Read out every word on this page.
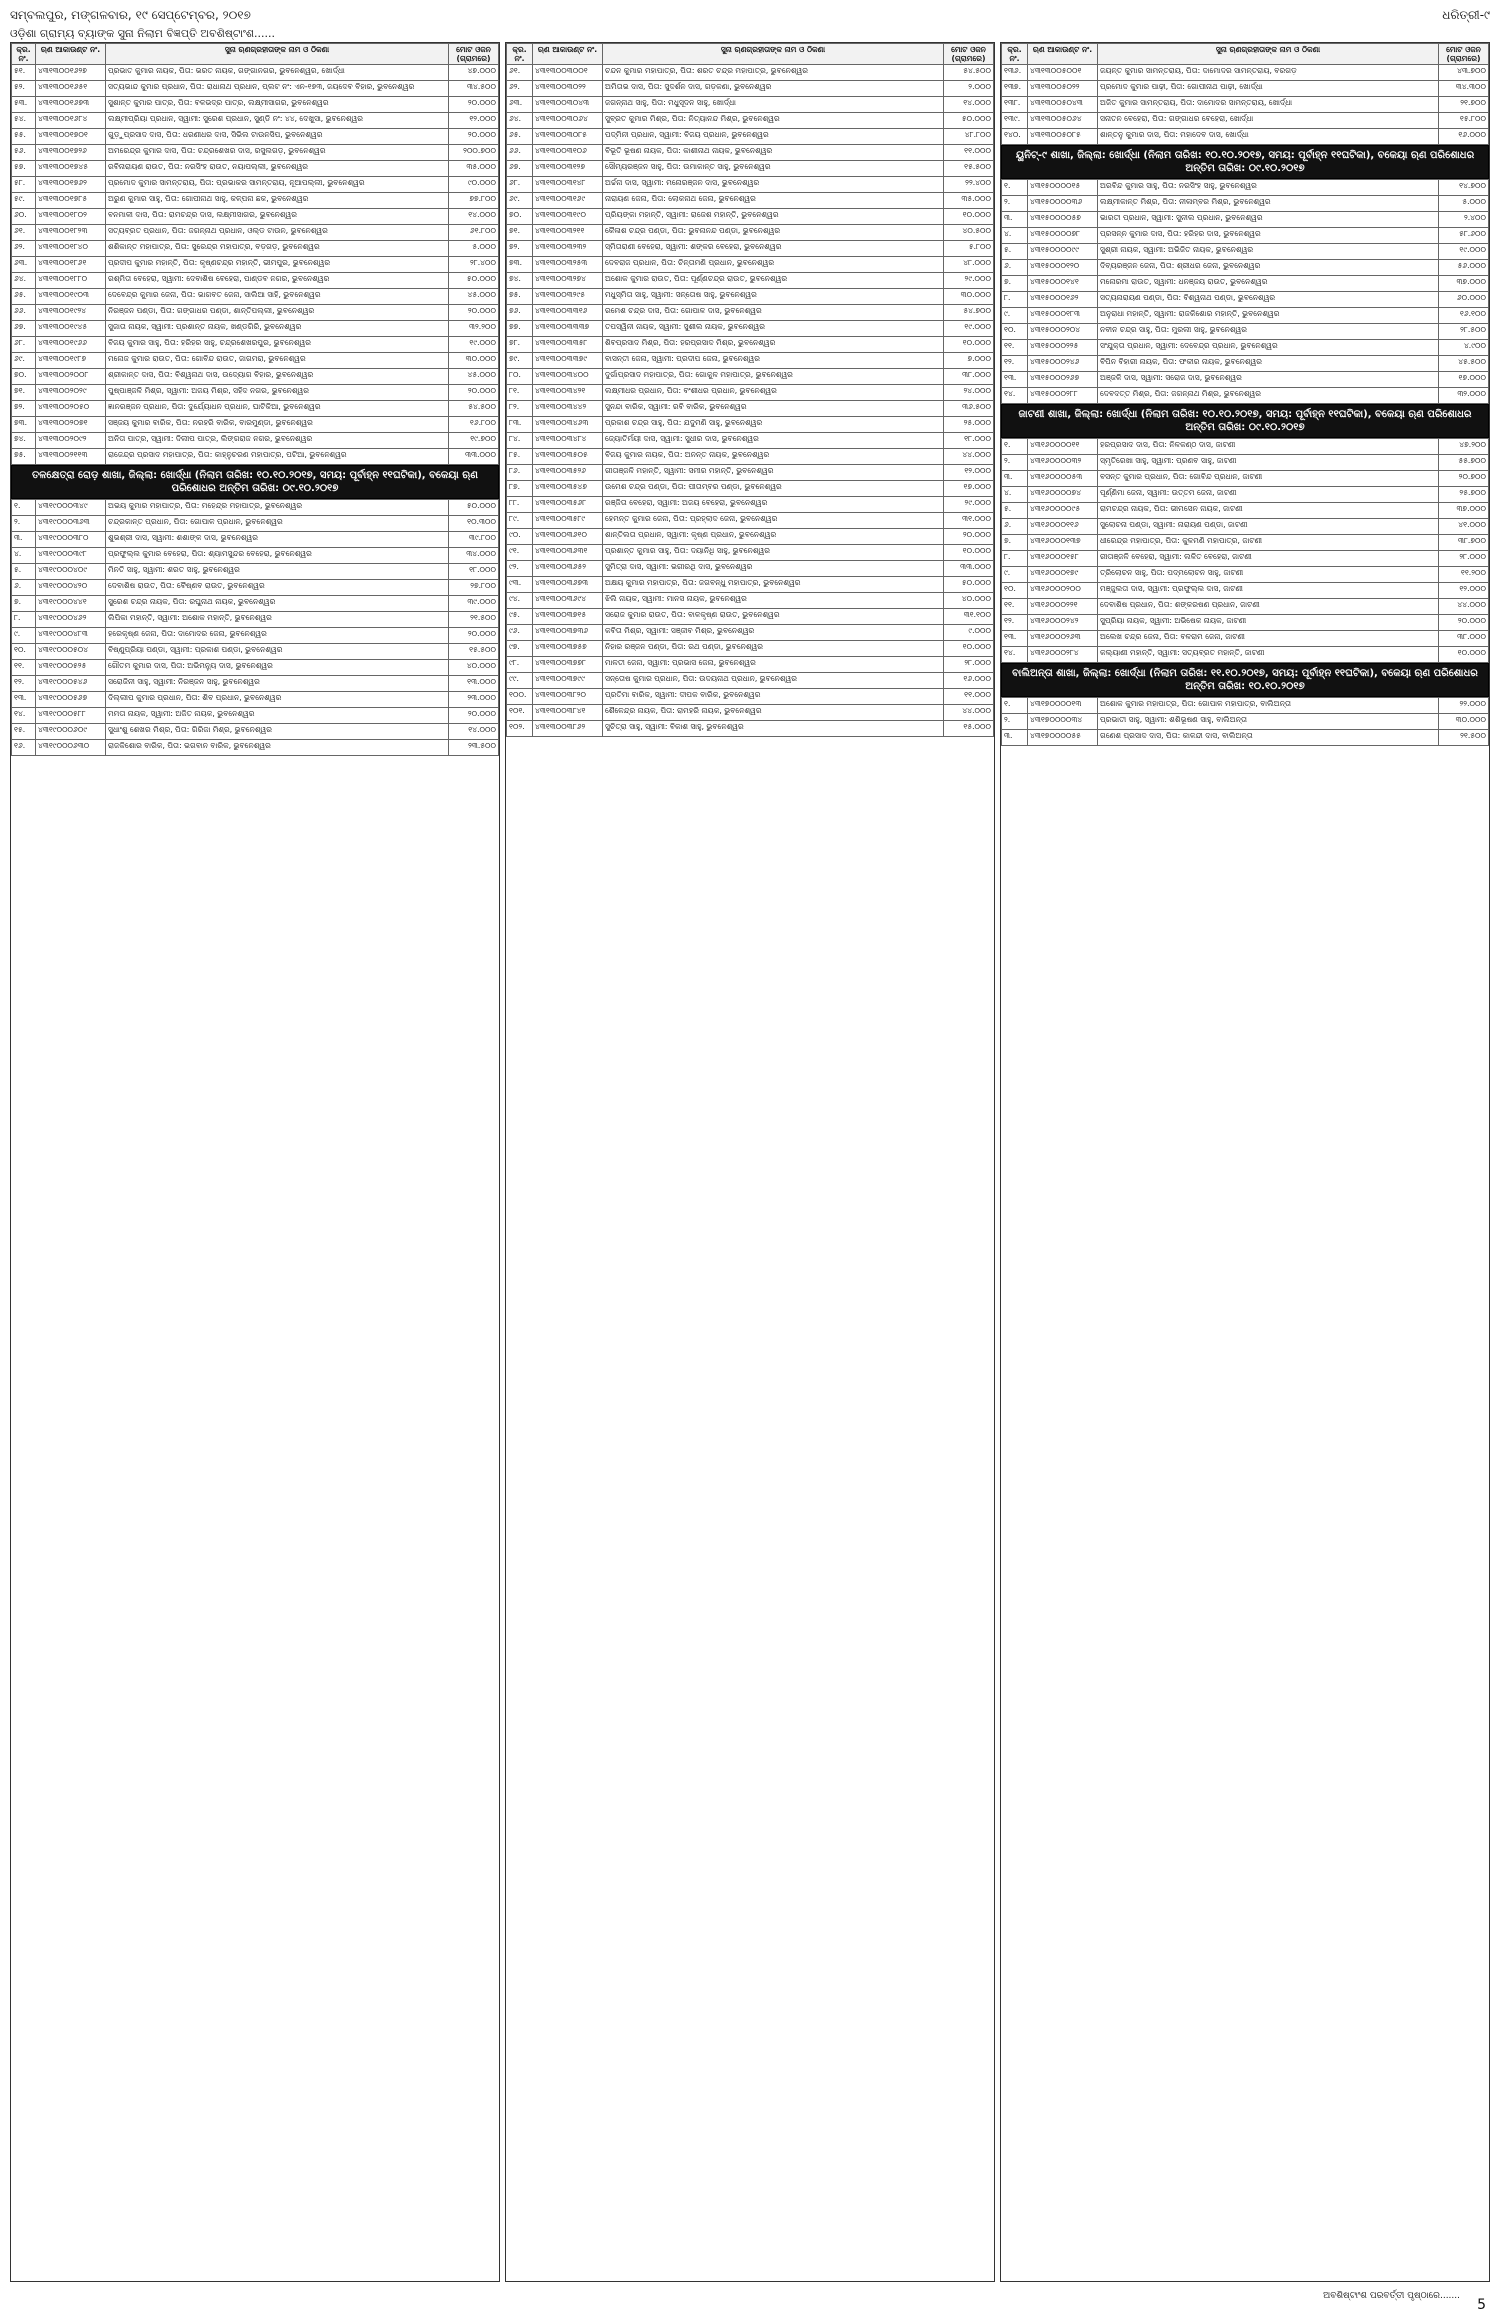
ସମ୍ବଲପୁର, ମଙ୍ଗଳବାର, ୧୯ ସେପ୍ଟେମ୍ବର, ୨୦୧୭	ଧରିତ୍ରୀ-୯
ଓଡ଼ିଶା ଗ୍ରାମ୍ୟ ବ୍ୟାଙ୍କ ସୁନା ନିଲାମ ବିଜ୍ଞପ୍ତି ଅବଶିଷ୍ଟାଂଶ......
କ୍ର. ନଂ.	ଋଣ ଆକାଉଣ୍ଟ ନଂ.	ସୁନା ଋଣଗ୍ରହୀତାଙ୍କ ନାମ ଓ ଠିକଣା	ମୋଟ ଓଜନ (ଗ୍ରାମରେ)
୫୧.	୪୩୧୩୦୦୧୬୨୭	ପ୍ରଭାତ କୁମାର ନାୟକ, ପିତା: ଭରତ ନାୟକ, ଗଙ୍ଗାନଗର, ଭୁବନେଶ୍ୱର, ଖୋର୍ଦ୍ଧା	୪୭.୦୦୦
୫୨.	୪୩୧୩୦୦୧୬୫୧	ସତ୍ୟଭାନ୍ଦ କୁମାର ପ୍ରଧାନ, ପିତା: ରାଧାନାଥ ପ୍ରଧାନ, ପ୍ଲଟ ନଂ: ଏନ-୧୭୩, ଜୟଦେବ ବିହାର, ଭୁବନେଶ୍ୱର	୩୪.୫୦୦
୫୩.	୪୩୧୩୦୦୧୬୭୩	ସୁଶାନ୍ତ କୁମାର ପାତ୍ର, ପିତା: ବଳଭଦ୍ର ପାତ୍ର, ଲକ୍ଷ୍ମୀସାଗର, ଭୁବନେଶ୍ୱର	୨୦.୦୦୦
୫୪.	୪୩୧୩୦୦୧୬୮୪	ଲକ୍ଷ୍ମୀପ୍ରିୟା ପ୍ରଧାନ, ସ୍ୱାମୀ: ସୁରେଶ ପ୍ରଧାନ, ସୁଣ୍ଡି ନଂ: ୪୪, ଦେଖୁସା, ଭୁବନେଶ୍ୱର	୧୨.୦୦୦
୫୫.	୪୩୧୩୦୦୧୭୦୧	ଗୁଡ଼ୁପ୍ରସାଦ ଦାସ, ପିତା: ଧରଣୀଧର ଦାସ, ସିଭିଲ ଟାଉନସିପ, ଭୁବନେଶ୍ୱର	୨୦.୦୦୦
୫୬.	୪୩୧୩୦୦୧୭୨୬	ଅମରେନ୍ଦ୍ର କୁମାର ଦାସ, ପିତା: ଚନ୍ଦ୍ରଶେଖର ଦାସ, ରସୁଲଗଡ଼, ଭୁବନେଶ୍ୱର	୨୦୦.୭୦୦
୫୭.	୪୩୧୩୦୦୧୭୪୫	ରବିନାରାୟଣ ରାଉତ, ପିତା: ନରସିଂହ ରାଉତ, ନୟାପଲ୍ଲୀ, ଭୁବନେଶ୍ୱର	୩୫.୦୦୦
୫୮.	୪୩୧୩୦୦୧୭୬୨	ପ୍ରମୋଦ କୁମାର ସାମନ୍ତରାୟ, ପିତା: ପ୍ରଭାକର ସାମନ୍ତରାୟ, ନୂଆପଲ୍ଲୀ, ଭୁବନେଶ୍ୱର	୯୦.୦୦୦
୫୯.	୪୩୧୩୦୦୧୭୮୫	ଅରୁଣ କୁମାର ସାହୁ, ପିତା: ଗୋପୀନାଥ ସାହୁ, କଳ୍ପନା ଛକ, ଭୁବନେଶ୍ୱର	୭୭.୮୦୦
୬୦.	୪୩୧୩୦୦୧୮୦୨	ବନମାଳୀ ଦାସ, ପିତା: ରାମଚନ୍ଦ୍ର ଦାସ, ଲକ୍ଷ୍ମୀସାଗର, ଭୁବନେଶ୍ୱର	୧୪.୦୦୦
୬୧.	୪୩୧୩୦୦୧୮୨୩	ସତ୍ୟବ୍ରତ ପ୍ରଧାନ, ପିତା: ଜଗନ୍ନାଥ ପ୍ରଧାନ, ଓଲ୍ଡ ଟାଉନ, ଭୁବନେଶ୍ୱର	୬୧.୮୦୦
୬୨.	୪୩୧୩୦୦୧୮୪୦	ଶଶିକାନ୍ତ ମହାପାତ୍ର, ପିତା: ସୁରେନ୍ଦ୍ର ମହାପାତ୍ର, ବଡ଼ଗଡ଼, ଭୁବନେଶ୍ୱର	୫.୦୦୦
୬୩.	୪୩୧୩୦୦୧୮୬୧	ପ୍ରଦୀପ କୁମାର ମହାନ୍ତି, ପିତା: କୃଷ୍ଣଚନ୍ଦ୍ର ମହାନ୍ତି, ଭୀମପୁର, ଭୁବନେଶ୍ୱର	୨୮.୪୦୦
୬୪.	୪୩୧୩୦୦୧୮୮୦	ରଶ୍ମିତା ବେହେରା, ସ୍ୱାମୀ: ଦେବାଶିଷ ବେହେରା, ପାଣ୍ଡବ ନଗର, ଭୁବନେଶ୍ୱର	୫୦.୦୦୦
୬୫.	୪୩୧୩୦୦୧୯୦୩	ଦେବେନ୍ଦ୍ର କୁମାର ଜେନା, ପିତା: ଭାଗବତ ଜେନା, ସାଲିଆ ସାହି, ଭୁବନେଶ୍ୱର	୪୫.୦୦୦
୬୬.	୪୩୧୩୦୦୧୯୨୪	ନିରଞ୍ଜନ ପଣ୍ଡା, ପିତା: ଗଙ୍ଗାଧର ପଣ୍ଡା, ଶାନ୍ତିପଲ୍ଲୀ, ଭୁବନେଶ୍ୱର	୨୦.୦୦୦
୬୭.	୪୩୧୩୦୦୧୯୪୫	ସୁଜାତା ନାୟକ, ସ୍ୱାମୀ: ପ୍ରଶାନ୍ତ ନାୟକ, ଖଣ୍ଡଗିରି, ଭୁବନେଶ୍ୱର	୩୨.୨୦୦
୬୮.	୪୩୧୩୦୦୧୯୬୬	ବିଜୟ କୁମାର ସାହୁ, ପିତା: ହରିହର ସାହୁ, ଚନ୍ଦ୍ରଶେଖରପୁର, ଭୁବନେଶ୍ୱର	୧୯.୦୦୦
୬୯.	୪୩୧୩୦୦୧୯୮୭	ମନୋଜ କୁମାର ରାଉତ, ପିତା: ଗୋବିନ୍ଦ ରାଉତ, ଜାଗମରା, ଭୁବନେଶ୍ୱର	୩୦.୦୦୦
୭୦.	୪୩୧୩୦୦୨୦୦୮	ଶ୍ରୀକାନ୍ତ ଦାସ, ପିତା: ବିଶ୍ୱନାଥ ଦାସ, ଉଦ୍ୟୋଗ ବିହାର, ଭୁବନେଶ୍ୱର	୪୫.୦୦୦
୭୧.	୪୩୧୩୦୦୨୦୨୯	ପୁଷ୍ପାଞ୍ଜଳି ମିଶ୍ର, ସ୍ୱାମୀ: ଅଜୟ ମିଶ୍ର, ସହିଦ ନଗର, ଭୁବନେଶ୍ୱର	୨୦.୦୦୦
୭୨.	୪୩୧୩୦୦୨୦୫୦	ଜ୍ଞାନରଞ୍ଜନ ପ୍ରଧାନ, ପିତା: ଦୁର୍ଯ୍ୟୋଧନ ପ୍ରଧାନ, ଘାଟିକିଆ, ଭୁବନେଶ୍ୱର	୫୪.୫୦୦
୭୩.	୪୩୧୩୦୦୨୦୭୧	ସଞ୍ଜୟ କୁମାର ବାରିକ, ପିତା: ନରହରି ବାରିକ, ବାରମୁଣ୍ଡା, ଭୁବନେଶ୍ୱର	୧୬.୮୦୦
୭୪.	୪୩୧୩୦୦୨୦୯୨	ଅନିତା ପାତ୍ର, ସ୍ୱାମୀ: ଦିଲୀପ ପାତ୍ର, ଲିଙ୍ଗରାଜ ନଗର, ଭୁବନେଶ୍ୱର	୧୯.୭୦୦
୭୫.	୪୩୧୩୦୦୨୧୧୩	ରାଜେନ୍ଦ୍ର ପ୍ରସାଦ ମହାପାତ୍ର, ପିତା: କାହ୍ନୁଚରଣ ମହାପାତ୍ର, ପଟିଆ, ଭୁବନେଶ୍ୱର	୩୩.୦୦୦
ତଳକ୍ଷେତ୍ରା ରୋଡ଼ ଶାଖା, ଜିଲ୍ଲା: ଖୋର୍ଦ୍ଧା (ନିଲାମ ତାରିଖ: ୧୦.୧୦.୨୦୧୭, ସମୟ: ପୂର୍ବାହ୍ନ ୧୧ଘଟିକା), ବକେୟା ଋଣ ପରିଶୋଧର ଅନ୍ତିମ ତାରିଖ: ୦୯.୧୦.୨୦୧୭
୧.	୪୩୧୯୦୦୦୩୪୯	ଅଭୟ କୁମାର ମହାପାତ୍ର, ପିତା: ମହେନ୍ଦ୍ର ମହାପାତ୍ର, ଭୁବନେଶ୍ୱର	୫୦.୦୦୦
୨.	୪୩୧୯୦୦୦୩୬୩	ଚନ୍ଦ୍ରକାନ୍ତ ପ୍ରଧାନ, ପିତା: ଗୋପାଳ ପ୍ରଧାନ, ଭୁବନେଶ୍ୱର	୧୦.୩୦୦
୩.	୪୩୧୯୦୦୦୩୮୦	ଶୁଭଶ୍ରୀ ଦାସ, ସ୍ୱାମୀ: ଶଶାଙ୍କ ଦାସ, ଭୁବନେଶ୍ୱର	୩୯.୮୦୦
୪.	୪୩୧୯୦୦୦୩୯୮	ପ୍ରଫୁଲ୍ଲ କୁମାର ବେହେରା, ପିତା: ଶ୍ୟାମସୁନ୍ଦର ବେହେରା, ଭୁବନେଶ୍ୱର	୩୪.୦୦୦
୫.	୪୩୧୯୦୦୦୪୦୯	ମିନତି ସାହୁ, ସ୍ୱାମୀ: ଶରତ ସାହୁ, ଭୁବନେଶ୍ୱର	୧୮.୦୦୦
୬.	୪୩୧୯୦୦୦୪୨୦	ଦେବାଶିଷ ରାଉତ, ପିତା: ବୈଷ୍ଣବ ରାଉତ, ଭୁବନେଶ୍ୱର	୨୭.୮୦୦
୭.	୪୩୧୯୦୦୦୪୪୧	ସୁରେଶ ଚନ୍ଦ୍ର ନାୟକ, ପିତା: ରଘୁନାଥ ନାୟକ, ଭୁବନେଶ୍ୱର	୩୯.୦୦୦
୮.	୪୩୧୯୦୦୦୪୬୨	ଲିପିକା ମହାନ୍ତି, ସ୍ୱାମୀ: ଅଶୋକ ମହାନ୍ତି, ଭୁବନେଶ୍ୱର	୨୧.୫୦୦
୯.	୪୩୧୯୦୦୦୪୮୩	ହରେକୃଷ୍ଣ ଜେନା, ପିତା: ଦାମୋଦର ଜେନା, ଭୁବନେଶ୍ୱର	୨୦.୦୦୦
୧୦.	୪୩୧୯୦୦୦୫୦୪	ବିଷ୍ଣୁପ୍ରିୟା ପଣ୍ଡା, ସ୍ୱାମୀ: ପ୍ରକାଶ ପଣ୍ଡା, ଭୁବନେଶ୍ୱର	୧୫.୫୦୦
୧୧.	୪୩୧୯୦୦୦୫୨୫	ଗୌତମ କୁମାର ଦାସ, ପିତା: ଅଭିମନ୍ୟୁ ଦାସ, ଭୁବନେଶ୍ୱର	୪୦.୦୦୦
୧୨.	୪୩୧୯୦୦୦୫୪୬	ସରୋଜିନୀ ସାହୁ, ସ୍ୱାମୀ: ନିରଞ୍ଜନ ସାହୁ, ଭୁବନେଶ୍ୱର	୧୩.୦୦୦
୧୩.	୪୩୧୯୦୦୦୫୬୭	ଦିଲ୍ଲୀପ କୁମାର ପ୍ରଧାନ, ପିତା: ଶିବ ପ୍ରଧାନ, ଭୁବନେଶ୍ୱର	୨୩.୦୦୦
୧୪.	୪୩୧୯୦୦୦୫୮୮	ମମତା ନାୟକ, ସ୍ୱାମୀ: ଅଜିତ ନାୟକ, ଭୁବନେଶ୍ୱର	୨୦.୦୦୦
୧୫.	୪୩୧୯୦୦୦୬୦୯	ସୁଧାଂଶୁ ଶେଖର ମିଶ୍ର, ପିତା: ଗିରିଜା ମିଶ୍ର, ଭୁବନେଶ୍ୱର	୧୪.୦୦୦
୧୬.	୪୩୧୯୦୦୦୬୩୦	ରାଜକିଶୋର ବାରିକ, ପିତା: ଭଗବାନ ବାରିକ, ଭୁବନେଶ୍ୱର	୨୩.୫୦୦
କ୍ର. ନଂ.	ଋଣ ଆକାଉଣ୍ଟ ନଂ.	ସୁନା ଋଣଗ୍ରହୀତାଙ୍କ ନାମ ଓ ଠିକଣା	ମୋଟ ଓଜନ (ଗ୍ରାମରେ)
୬୧.	୪୩୧୩୦୦୩୦୦୧	ଚନ୍ଦନ କୁମାର ମହାପାତ୍ର, ପିତା: ଶରତ ଚନ୍ଦ୍ର ମହାପାତ୍ର, ଭୁବନେଶ୍ୱର	୫୪.୫୦୦
୬୨.	୪୩୧୩୦୦୩୦୨୨	ଅମିତାଭ ଦାସ, ପିତା: ସୁଦର୍ଶନ ଦାସ, ଗଡ଼କଣା, ଭୁବନେଶ୍ୱର	୨.୦୦୦
୬୩.	୪୩୧୩୦୦୩୦୪୩	ଜଗନ୍ନାଥ ସାହୁ, ପିତା: ମଧୁସୂଦନ ସାହୁ, ଖୋର୍ଦ୍ଧା	୧୪.୦୦୦
୬୪.	୪୩୧୩୦୦୩୦୬୪	ସୁବ୍ରତ କୁମାର ମିଶ୍ର, ପିତା: ନିତ୍ୟାନନ୍ଦ ମିଶ୍ର, ଭୁବନେଶ୍ୱର	୫୦.୦୦୦
୬୫.	୪୩୧୩୦୦୩୦୮୫	ପଦ୍ମିନୀ ପ୍ରଧାନ, ସ୍ୱାମୀ: ବିଜୟ ପ୍ରଧାନ, ଭୁବନେଶ୍ୱର	୪୮.୮୦୦
୬୬.	୪୩୧୩୦୦୩୧୦୬	ବିଭୂତି ଭୂଷଣ ନାୟକ, ପିତା: କାଶୀନାଥ ନାୟକ, ଭୁବନେଶ୍ୱର	୧୧.୦୦୦
୬୭.	୪୩୧୩୦୦୩୧୨୭	ସୌମ୍ୟରଞ୍ଜନ ସାହୁ, ପିତା: ଉମାକାନ୍ତ ସାହୁ, ଭୁବନେଶ୍ୱର	୧୫.୫୦୦
୬୮.	୪୩୧୩୦୦୩୧୪୮	ଅର୍ଚ୍ଚନା ଦାସ, ସ୍ୱାମୀ: ମନୋରଞ୍ଜନ ଦାସ, ଭୁବନେଶ୍ୱର	୨୨.୪୦୦
୬୯.	୪୩୧୩୦୦୩୧୬୯	ନାରାୟଣ ଜେନା, ପିତା: ଲୋକନାଥ ଜେନା, ଭୁବନେଶ୍ୱର	୩୫.୦୦୦
୭୦.	୪୩୧୩୦୦୩୧୯୦	ପ୍ରିୟଙ୍କା ମହାନ୍ତି, ସ୍ୱାମୀ: ରାଜେଶ ମହାନ୍ତି, ଭୁବନେଶ୍ୱର	୧୦.୦୦୦
୭୧.	୪୩୧୩୦୦୩୨୧୧	କୈଳାଶ ଚନ୍ଦ୍ର ପଣ୍ଡା, ପିତା: ଭୁବନାନନ୍ଦ ପଣ୍ଡା, ଭୁବନେଶ୍ୱର	୪୦.୫୦୦
୭୨.	୪୩୧୩୦୦୩୨୩୨	ସ୍ମିତାରାଣୀ ବେହେରା, ସ୍ୱାମୀ: ଶଙ୍କର ବେହେରା, ଭୁବନେଶ୍ୱର	୫.୮୦୦
୭୩.	୪୩୧୩୦୦୩୨୫୩	ଦେବରାଜ ପ୍ରଧାନ, ପିତା: ଚିନ୍ତାମଣି ପ୍ରଧାନ, ଭୁବନେଶ୍ୱର	୪୮.୦୦୦
୭୪.	୪୩୧୩୦୦୩୨୭୪	ଅଶୋକ କୁମାର ରାଉତ, ପିତା: ପୂର୍ଣ୍ଣଚନ୍ଦ୍ର ରାଉତ, ଭୁବନେଶ୍ୱର	୨୯.୦୦୦
୭୫.	୪୩୧୩୦୦୩୨୯୫	ମଧୁସ୍ମିତା ସାହୁ, ସ୍ୱାମୀ: ସନ୍ତୋଷ ସାହୁ, ଭୁବନେଶ୍ୱର	୩୦.୦୦୦
୭୬.	୪୩୧୩୦୦୩୩୧୬	ରମେଶ ଚନ୍ଦ୍ର ଦାସ, ପିତା: ଗୋପାଳ ଦାସ, ଭୁବନେଶ୍ୱର	୫୪.୭୦୦
୭୭.	୪୩୧୩୦୦୩୩୩୭	ତପସ୍ୱିନୀ ନାୟକ, ସ୍ୱାମୀ: ସୁଶୀଲ ନାୟକ, ଭୁବନେଶ୍ୱର	୧୯.୦୦୦
୭୮.	୪୩୧୩୦୦୩୩୫୮	ଶିବପ୍ରସାଦ ମିଶ୍ର, ପିତା: ହରପ୍ରସାଦ ମିଶ୍ର, ଭୁବନେଶ୍ୱର	୧୦.୦୦୦
୭୯.	୪୩୧୩୦୦୩୩୭୯	ବାସନ୍ତୀ ଜେନା, ସ୍ୱାମୀ: ପ୍ରଦୀପ ଜେନା, ଭୁବନେଶ୍ୱର	୭.୦୦୦
୮୦.	୪୩୧୩୦୦୩୪୦୦	ଦୁର୍ଗାପ୍ରସାଦ ମହାପାତ୍ର, ପିତା: ଗୋକୁଳ ମହାପାତ୍ର, ଭୁବନେଶ୍ୱର	୩୮.୦୦୦
୮୧.	୪୩୧୩୦୦୩୪୨୧	ଲକ୍ଷ୍ମୀଧର ପ୍ରଧାନ, ପିତା: ବଂଶୀଧର ପ୍ରଧାନ, ଭୁବନେଶ୍ୱର	୨୪.୦୦୦
୮୨.	୪୩୧୩୦୦୩୪୪୨	ସୁନନ୍ଦା ବାରିକ, ସ୍ୱାମୀ: ରବି ବାରିକ, ଭୁବନେଶ୍ୱର	୩୬.୫୦୦
୮୩.	୪୩୧୩୦୦୩୪୬୩	ପ୍ରକାଶ ଚନ୍ଦ୍ର ସାହୁ, ପିତା: ଯଦୁମଣି ସାହୁ, ଭୁବନେଶ୍ୱର	୨୫.୦୦୦
୮୪.	୪୩୧୩୦୦୩୪୮୪	ଜ୍ୟୋତିର୍ମୟୀ ଦାସ, ସ୍ୱାମୀ: ସୁଧୀର ଦାସ, ଭୁବନେଶ୍ୱର	୧୮.୦୦୦
୮୫.	୪୩୧୩୦୦୩୫୦୫	ବିଜୟ କୁମାର ନାୟକ, ପିତା: ଅନନ୍ତ ନାୟକ, ଭୁବନେଶ୍ୱର	୪୪.୦୦୦
୮୬.	୪୩୧୩୦୦୩୫୨୬	ଗୀତାଞ୍ଜଳି ମହାନ୍ତି, ସ୍ୱାମୀ: ସମୀର ମହାନ୍ତି, ଭୁବନେଶ୍ୱର	୧୨.୦୦୦
୮୭.	୪୩୧୩୦୦୩୫୪୭	ଉମେଶ ଚନ୍ଦ୍ର ପଣ୍ଡା, ପିତା: ପୀତାମ୍ବର ପଣ୍ଡା, ଭୁବନେଶ୍ୱର	୧୭.୦୦୦
୮୮.	୪୩୧୩୦୦୩୫୬୮	ରଞ୍ଜିତା ବେହେରା, ସ୍ୱାମୀ: ଅଜୟ ବେହେରା, ଭୁବନେଶ୍ୱର	୨୯.୦୦୦
୮୯.	୪୩୧୩୦୦୩୫୮୯	ହେମନ୍ତ କୁମାର ଜେନା, ପିତା: ପ୍ରହ୍ଲାଦ ଜେନା, ଭୁବନେଶ୍ୱର	୩୧.୦୦୦
୯୦.	୪୩୧୩୦୦୩୬୧୦	ଶାନ୍ତିଲତା ପ୍ରଧାନ, ସ୍ୱାମୀ: କୃଷ୍ଣ ପ୍ରଧାନ, ଭୁବନେଶ୍ୱର	୨୦.୦୦୦
୯୧.	୪୩୧୩୦୦୩୬୩୧	ପ୍ରଶାନ୍ତ କୁମାର ସାହୁ, ପିତା: ଦୟାନିଧି ସାହୁ, ଭୁବନେଶ୍ୱର	୧୦.୦୦୦
୯୨.	୪୩୧୩୦୦୩୬୫୨	ସୁମିତ୍ରା ଦାସ, ସ୍ୱାମୀ: ଭଗୀରଥି ଦାସ, ଭୁବନେଶ୍ୱର	୩୩.୦୦୦
୯୩.	୪୩୧୩୦୦୩୬୭୩	ଅକ୍ଷୟ କୁମାର ମହାପାତ୍ର, ପିତା: ଜଗବନ୍ଧୁ ମହାପାତ୍ର, ଭୁବନେଶ୍ୱର	୫୦.୦୦୦
୯୪.	୪୩୧୩୦୦୩୬୯୪	ଝିଲି ନାୟକ, ସ୍ୱାମୀ: ମାନସ ନାୟକ, ଭୁବନେଶ୍ୱର	୪୦.୦୦୦
୯୫.	୪୩୧୩୦୦୩୭୧୫	ସରୋଜ କୁମାର ରାଉତ, ପିତା: ବାଳକୃଷ୍ଣ ରାଉତ, ଭୁବନେଶ୍ୱର	୩୧.୧୦୦
୯୬.	୪୩୧୩୦୦୩୭୩୬	କବିତା ମିଶ୍ର, ସ୍ୱାମୀ: ସଞ୍ଜୀବ ମିଶ୍ର, ଭୁବନେଶ୍ୱର	୯.୦୦୦
୯୭.	୪୩୧୩୦୦୩୭୫୭	ନିହାର ରଞ୍ଜନ ପଣ୍ଡା, ପିତା: ରଥ ପଣ୍ଡା, ଭୁବନେଶ୍ୱର	୧୦.୦୦୦
୯୮.	୪୩୧୩୦୦୩୭୭୮	ମାଳତୀ ଜେନା, ସ୍ୱାମୀ: ପ୍ରଭାସ ଜେନା, ଭୁବନେଶ୍ୱର	୨୮.୦୦୦
୯୯.	୪୩୧୩୦୦୩୭୯୯	ସନ୍ତୋଷ କୁମାର ପ୍ରଧାନ, ପିତା: ଉଦୟନାଥ ପ୍ରଧାନ, ଭୁବନେଶ୍ୱର	୧୬.୦୦୦
୧୦୦.	୪୩୧୩୦୦୩୮୨୦	ପ୍ରତିମା ବାରିକ, ସ୍ୱାମୀ: ଦୀପକ ବାରିକ, ଭୁବନେଶ୍ୱର	୧୧.୦୦୦
୧୦୧.	୪୩୧୩୦୦୩୮୪୧	ଶୈଳେନ୍ଦ୍ର ନାୟକ, ପିତା: ରାମହରି ନାୟକ, ଭୁବନେଶ୍ୱର	୪୪.୦୦୦
୧୦୨.	୪୩୧୩୦୦୩୮୬୨	ସୁଚିତ୍ରା ସାହୁ, ସ୍ୱାମୀ: ବିକାଶ ସାହୁ, ଭୁବନେଶ୍ୱର	୧୫.୦୦୦
କ୍ର. ନଂ.	ଋଣ ଆକାଉଣ୍ଟ ନଂ.	ସୁନା ଋଣଗ୍ରହୀତାଙ୍କ ନାମ ଓ ଠିକଣା	ମୋଟ ଓଜନ (ଗ୍ରାମରେ)
୧୩୬.	୪୩୧୩୦୦୫୦୦୧	ଜୟନ୍ତ କୁମାର ସାମନ୍ତରାୟ, ପିତା: ଦାମୋଦର ସାମନ୍ତରାୟ, ବରଗଡ଼	୪୩.୭୦୦
୧୩୭.	୪୩୧୩୦୦୫୦୨୨	ପ୍ରମୋଦ କୁମାର ପାଢ଼ୀ, ପିତା: ଗୋପୀନାଥ ପାଢ଼ୀ, ଖୋର୍ଦ୍ଧା	୩୪.୩୦୦
୧୩୮.	୪୩୧୩୦୦୫୦୪୩	ଅଜିତ କୁମାର ସାମନ୍ତରାୟ, ପିତା: ଦାମୋଦର ସାମନ୍ତରାୟ, ଖୋର୍ଦ୍ଧା	୨୧.୭୦୦
୧୩୯.	୪୩୧୩୦୦୫୦୬୪	ସନାତନ ବେହେରା, ପିତା: ଗଙ୍ଗାଧର ବେହେରା, ଖୋର୍ଦ୍ଧା	୧୫.୮୦୦
୧୪୦.	୪୩୧୩୦୦୫୦୮୫	ଶାନ୍ତନୁ କୁମାର ଦାସ, ପିତା: ମହାଦେବ ଦାସ, ଖୋର୍ଦ୍ଧା	୧୬.୦୦୦
ୟୁନିଟ୍-୯ ଶାଖା, ଜିଲ୍ଲା: ଖୋର୍ଦ୍ଧା (ନିଲାମ ତାରିଖ: ୧୦.୧୦.୨୦୧୭, ସମୟ: ପୂର୍ବାହ୍ନ ୧୧ଘଟିକା), ବକେୟା ଋଣ ପରିଶୋଧର ଅନ୍ତିମ ତାରିଖ: ୦୯.୧୦.୨୦୧୭
୧.	୪୩୧୫୦୦୦୦୧୫	ଅରବିନ୍ଦ କୁମାର ସାହୁ, ପିତା: ନରସିଂହ ସାହୁ, ଭୁବନେଶ୍ୱର	୧୪.୭୦୦
୨.	୪୩୧୫୦୦୦୦୩୬	ଲକ୍ଷ୍ମୀକାନ୍ତ ମିଶ୍ର, ପିତା: ନୀଳାମ୍ବର ମିଶ୍ର, ଭୁବନେଶ୍ୱର	୫.୦୦୦
୩.	୪୩୧୫୦୦୦୦୫୭	ଭାରତୀ ପ୍ରଧାନ, ସ୍ୱାମୀ: ସୁନୀଲ ପ୍ରଧାନ, ଭୁବନେଶ୍ୱର	୨.୪୦୦
୪.	୪୩୧୫୦୦୦୦୭୮	ପ୍ରସନ୍ନ କୁମାର ଦାସ, ପିତା: ହରିହର ଦାସ, ଭୁବନେଶ୍ୱର	୫୮.୬୦୦
୫.	୪୩୧୫୦୦୦୦୯୯	ସୁଶ୍ରୀ ନାୟକ, ସ୍ୱାମୀ: ଅଭିଜିତ ନାୟକ, ଭୁବନେଶ୍ୱର	୧୯.୦୦୦
୬.	୪୩୧୫୦୦୦୧୨୦	ଦିବ୍ୟରଞ୍ଜନ ଜେନା, ପିତା: ଶ୍ରୀଧର ଜେନା, ଭୁବନେଶ୍ୱର	୫୬.୦୦୦
୭.	୪୩୧୫୦୦୦୧୪୧	ମନୋରମା ରାଉତ, ସ୍ୱାମୀ: ଧନଞ୍ଜୟ ରାଉତ, ଭୁବନେଶ୍ୱର	୩୭.୦୦୦
୮.	୪୩୧୫୦୦୦୧୬୨	ସତ୍ୟନାରାୟଣ ପଣ୍ଡା, ପିତା: ବିଶ୍ୱନାଥ ପଣ୍ଡା, ଭୁବନେଶ୍ୱର	୬୦.୦୦୦
୯.	୪୩୧୫୦୦୦୧୮୩	ଅନୁରାଧା ମହାନ୍ତି, ସ୍ୱାମୀ: ରାଜକିଶୋର ମହାନ୍ତି, ଭୁବନେଶ୍ୱର	୧୬.୧୦୦
୧୦.	୪୩୧୫୦୦୦୨୦୪	ନବୀନ ଚନ୍ଦ୍ର ସାହୁ, ପିତା: ମୁରଲୀ ସାହୁ, ଭୁବନେଶ୍ୱର	୨୮.୫୦୦
୧୧.	୪୩୧୫୦୦୦୨୨୫	ସଂଯୁକ୍ତା ପ୍ରଧାନ, ସ୍ୱାମୀ: ଦେବେନ୍ଦ୍ର ପ୍ରଧାନ, ଭୁବନେଶ୍ୱର	୪.୯୦୦
୧୨.	୪୩୧୫୦୦୦୨୪୬	ବିପିନ ବିହାରୀ ନାୟକ, ପିତା: ଫକୀର ନାୟକ, ଭୁବନେଶ୍ୱର	୪୫.୫୦୦
୧୩.	୪୩୧୫୦୦୦୨୬୭	ଅଞ୍ଜଳି ଦାସ, ସ୍ୱାମୀ: ସରୋଜ ଦାସ, ଭୁବନେଶ୍ୱର	୧୭.୦୦୦
୧୪.	୪୩୧୫୦୦୦୨୮୮	ଦେବଦତ୍ତ ମିଶ୍ର, ପିତା: ଜଗନ୍ନାଥ ମିଶ୍ର, ଭୁବନେଶ୍ୱର	୩୨.୦୦୦
ଜାଟଣୀ ଶାଖା, ଜିଲ୍ଲା: ଖୋର୍ଦ୍ଧା (ନିଲାମ ତାରିଖ: ୧୦.୧୦.୨୦୧୭, ସମୟ: ପୂର୍ବାହ୍ନ ୧୧ଘଟିକା), ବକେୟା ଋଣ ପରିଶୋଧର ଅନ୍ତିମ ତାରିଖ: ୦୯.୧୦.୨୦୧୭
୧.	୪୩୧୬୦୦୦୦୧୧	ହରପ୍ରସାଦ ଦାସ, ପିତା: ନିଳକଣ୍ଠ ଦାସ, ଜାଟଣୀ	୪୭.୨୦୦
୨.	୪୩୧୬୦୦୦୦୩୨	ସ୍ମୃତିରେଖା ସାହୁ, ସ୍ୱାମୀ: ପ୍ରଣବ ସାହୁ, ଜାଟଣୀ	୫୫.୭୦୦
୩.	୪୩୧୬୦୦୦୦୫୩	ବସନ୍ତ କୁମାର ପ୍ରଧାନ, ପିତା: ଗୋବିନ୍ଦ ପ୍ରଧାନ, ଜାଟଣୀ	୨୦.୭୦୦
୪.	୪୩୧୬୦୦୦୦୭୪	ପୂର୍ଣ୍ଣିମା ଜେନା, ସ୍ୱାମୀ: ଉତ୍ତମ ଜେନା, ଜାଟଣୀ	୨୫.୭୦୦
୫.	୪୩୧୬୦୦୦୦୯୫	ରାମଚନ୍ଦ୍ର ନାୟକ, ପିତା: ଭୀମସେନ ନାୟକ, ଜାଟଣୀ	୩୭.୦୦୦
୬.	୪୩୧୬୦୦୦୧୧୬	ସୁଲୋଚନା ପଣ୍ଡା, ସ୍ୱାମୀ: ନାରାୟଣ ପଣ୍ଡା, ଜାଟଣୀ	୪୧.୦୦୦
୭.	୪୩୧୬୦୦୦୧୩୭	ଧୀରେନ୍ଦ୍ର ମହାପାତ୍ର, ପିତା: କୁଳମଣି ମହାପାତ୍ର, ଜାଟଣୀ	୩୮.୭୦୦
୮.	୪୩୧୬୦୦୦୧୫୮	ରୀତାଞ୍ଜଳି ବେହେରା, ସ୍ୱାମୀ: ଲଳିତ ବେହେରା, ଜାଟଣୀ	୨୮.୦୦୦
୯.	୪୩୧୬୦୦୦୧୭୯	ତ୍ରିଲୋଚନ ସାହୁ, ପିତା: ପଦ୍ମଲୋଚନ ସାହୁ, ଜାଟଣୀ	୧୧.୨୦୦
୧୦.	୪୩୧୬୦୦୦୨୦୦	ମଞ୍ଜୁଲତା ଦାସ, ସ୍ୱାମୀ: ପ୍ରଫୁଲ୍ଲ ଦାସ, ଜାଟଣୀ	୧୨.୦୦୦
୧୧.	୪୩୧୬୦୦୦୨୨୧	ଦେବାଶିଷ ପ୍ରଧାନ, ପିତା: ଶଙ୍କରଷଣ ପ୍ରଧାନ, ଜାଟଣୀ	୪୪.୦୦୦
୧୨.	୪୩୧୬୦୦୦୨୪୨	ସୁପ୍ରିୟା ନାୟକ, ସ୍ୱାମୀ: ଅଭିଷେକ ନାୟକ, ଜାଟଣୀ	୨୦.୦୦୦
୧୩.	୪୩୧୬୦୦୦୨୬୩	ଅଲେଖ ଚନ୍ଦ୍ର ଜେନା, ପିତା: ବଳରାମ ଜେନା, ଜାଟଣୀ	୩୮.୦୦୦
୧୪.	୪୩୧୬୦୦୦୨୮୪	କଲ୍ୟାଣୀ ମହାନ୍ତି, ସ୍ୱାମୀ: ସତ୍ୟବ୍ରତ ମହାନ୍ତି, ଜାଟଣୀ	୧୦.୦୦୦
ବାଲିଅନ୍ତା ଶାଖା, ଜିଲ୍ଲା: ଖୋର୍ଦ୍ଧା (ନିଲାମ ତାରିଖ: ୧୧.୧୦.୨୦୧୭, ସମୟ: ପୂର୍ବାହ୍ନ ୧୧ଘଟିକା), ବକେୟା ଋଣ ପରିଶୋଧର ଅନ୍ତିମ ତାରିଖ: ୧୦.୧୦.୨୦୧୭
୧.	୪୩୧୭୦୦୦୦୧୩	ଅଶୋକ କୁମାର ମହାପାତ୍ର, ପିତା: ଗୋପାଳ ମହାପାତ୍ର, ବାଲିଅନ୍ତା	୨୨.୦୦୦
୨.	୪୩୧୭୦୦୦୦୩୪	ପ୍ରଭାତୀ ସାହୁ, ସ୍ୱାମୀ: ଶଶିଭୂଷଣ ସାହୁ, ବାଲିଅନ୍ତା	୩୦.୦୦୦
୩.	୪୩୧୭୦୦୦୦୫୫	ଗଣେଶ ପ୍ରସାଦ ଦାସ, ପିତା: କାଳନ୍ଦୀ ଦାସ, ବାଲିଅନ୍ତା	୨୧.୫୦୦
ଅବଶିଷ୍ଟାଂଶ ପରବର୍ତ୍ତୀ ପୃଷ୍ଠାରେ.......
5
